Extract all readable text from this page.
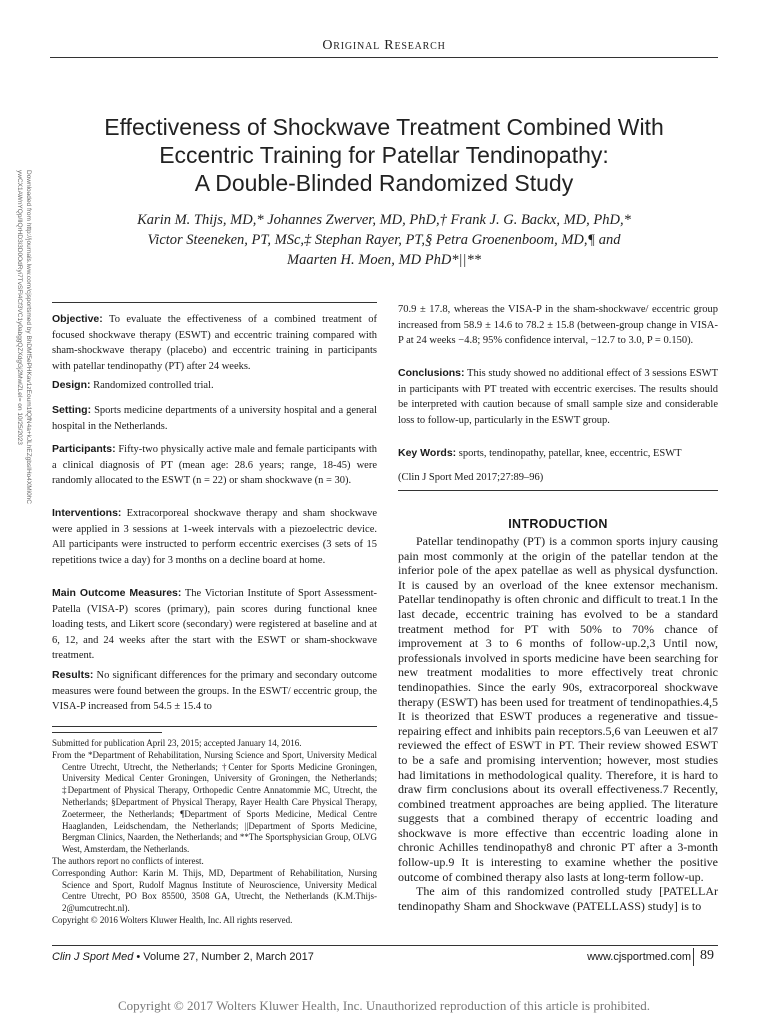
Original Research
Effectiveness of Shockwave Treatment Combined With
Eccentric Training for Patellar Tendinopathy:
A Double-Blinded Randomized Study
Karin M. Thijs, MD,* Johannes Zwerver, MD, PhD,† Frank J. G. Backx, MD, PhD,*
Victor Steeneken, PT, MSc,‡ Stephan Rayer, PT,§ Petra Groenenboom, MD,¶ and
Maarten H. Moen, MD PhD*||**
Downloaded from http://journals.lww.com/cjsportsmed by BhDMf5ePHKav1zEoum1tQfN4a+kJLhEZgbsIHo4XMi0hC
ywCX1AWnYQp/IlQrHD3i3D0OdRyi7TvSFl4Cf3VC1y0abggQZXdgGj2MwlZLeI= on 10/25/2023	Objective: To evaluate the effectiveness of a combined treatment of focused shockwave therapy (ESWT) and eccentric training compared with sham-shockwave therapy (placebo) and eccentric training in participants with patellar tendinopathy (PT) after 24 weeks.

Design: Randomized controlled trial.

Setting: Sports medicine departments of a university hospital and a general hospital in the Netherlands.

Participants: Fifty-two physically active male and female participants with a clinical diagnosis of PT (mean age: 28.6 years; range, 18-45) were randomly allocated to the ESWT (n = 22) or sham shockwave (n = 30).

Interventions: Extracorporeal shockwave therapy and sham shockwave were applied in 3 sessions at 1-week intervals with a piezoelectric device. All participants were instructed to perform eccentric exercises (3 sets of 15 repetitions twice a day) for 3 months on a decline board at home.

Main Outcome Measures: The Victorian Institute of Sport Assessment-Patella (VISA-P) scores (primary), pain scores during functional knee loading tests, and Likert score (secondary) were registered at baseline and at 6, 12, and 24 weeks after the start with the ESWT or sham-shockwave treatment.

Results: No significant differences for the primary and secondary outcome measures were found between the groups. In the ESWT/ eccentric group, the VISA-P increased from 54.5 ± 15.4 to

70.9 ± 17.8, whereas the VISA-P in the sham-shockwave/ eccentric group increased from 58.9 ± 14.6 to 78.2 ± 15.8 (between-group change in VISA-P at 24 weeks −4.8; 95% confidence interval, −12.7 to 3.0, P = 0.150).

Conclusions: This study showed no additional effect of 3 sessions ESWT in participants with PT treated with eccentric exercises. The results should be interpreted with caution because of small sample size and considerable loss to follow-up, particularly in the ESWT group.

Key Words: sports, tendinopathy, patellar, knee, eccentric, ESWT

(Clin J Sport Med 2017;27:89–96)

INTRODUCTION

Patellar tendinopathy (PT) is a common sports injury causing pain most commonly at the origin of the patellar tendon at the inferior pole of the apex patellae as well as physical dysfunction. It is caused by an overload of the knee extensor mechanism. Patellar tendinopathy is often chronic and difficult to treat.1 In the last decade, eccentric training has evolved to be a standard treatment method for PT with 50% to 70% chance of improvement at 3 to 6 months of follow-up.2,3 Until now, professionals involved in sports medicine have been searching for new treatment modalities to more effectively treat chronic tendinopathies. Since the early 90s, extracorporeal shockwave therapy (ESWT) has been used for treatment of tendinopathies.4,5 It is theorized that ESWT produces a regenerative and tissue-repairing effect and inhibits pain receptors.5,6 van Leeuwen et al7 reviewed the effect of ESWT in PT. Their review showed ESWT to be a safe and promising intervention; however, most studies had limitations in methodological quality. Therefore, it is hard to draw firm conclusions about its overall effectiveness.7 Recently, combined treatment approaches are being applied. The literature suggests that a combined therapy of eccentric loading and shockwave is more effective than eccentric loading alone in chronic Achilles tendinopathy8 and chronic PT after a 3-month follow-up.9 It is interesting to examine whether the positive outcome of combined therapy also lasts at long-term follow-up.

The aim of this randomized controlled study [PATELLAr tendinopathy Sham and Shockwave (PATELLASS) study] is to

Submitted for publication April 23, 2015; accepted January 14, 2016.

From the *Department of Rehabilitation, Nursing Science and Sport, University Medical Centre Utrecht, Utrecht, the Netherlands; †Center for Sports Medicine Groningen, University Medical Center Groningen, University of Groningen, the Netherlands; ‡Department of Physical Therapy, Orthopedic Centre Annatommie MC, Utrecht, the Netherlands; §Department of Physical Therapy, Rayer Health Care Physical Therapy, Zoetermeer, the Netherlands; ¶Department of Sports Medicine, Medical Centre Haaglanden, Leidschendam, the Netherlands; ||Department of Sports Medicine, Bergman Clinics, Naarden, the Netherlands; and **The Sportsphysician Group, OLVG West, Amsterdam, the Netherlands.

The authors report no conflicts of interest.

Corresponding Author: Karin M. Thijs, MD, Department of Rehabilitation, Nursing Science and Sport, Rudolf Magnus Institute of Neuroscience, University Medical Centre Utrecht, PO Box 85500, 3508 GA, Utrecht, the Netherlands (K.M.Thijs-2@umcutrecht.nl).

Copyright © 2016 Wolters Kluwer Health, Inc. All rights reserved.

Clin J Sport Med • Volume 27, Number 2, March 2017	www.cjsportmed.com 89
Copyright © 2017 Wolters Kluwer Health, Inc. Unauthorized reproduction of this article is prohibited.
